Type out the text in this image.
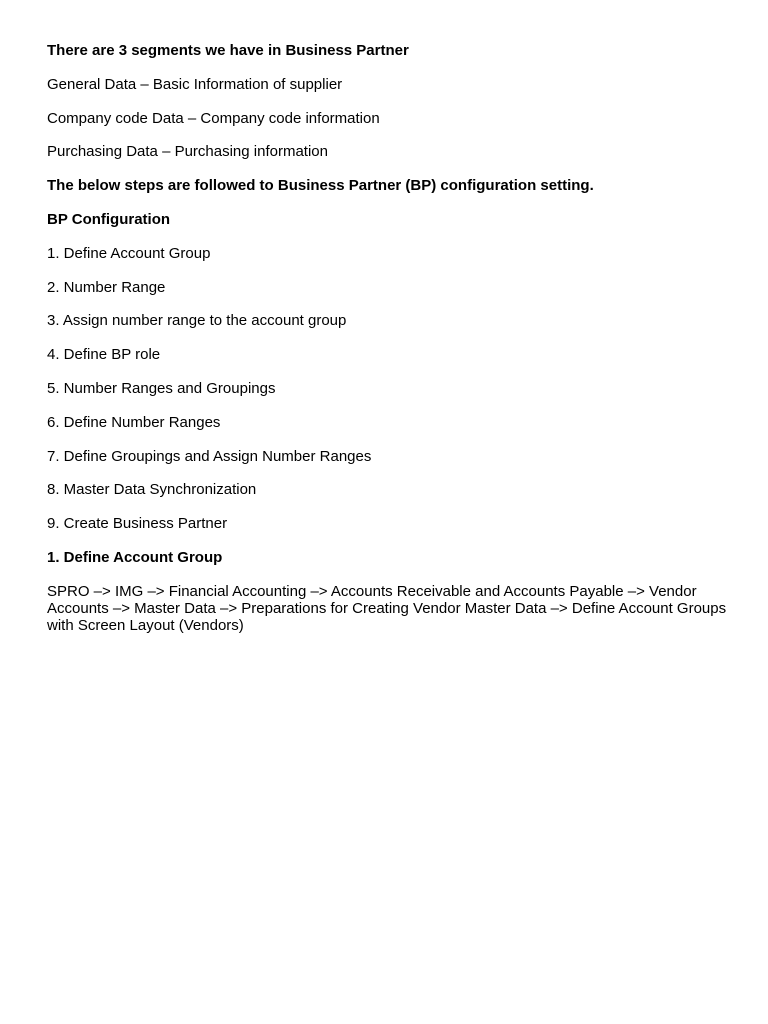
There are 3 segments we have in Business Partner
General Data – Basic Information of supplier
Company code Data – Company code information
Purchasing Data – Purchasing information
The below steps are followed to Business Partner (BP) configuration setting.
BP Configuration
1. Define Account Group
2. Number Range
3. Assign number range to the account group
4. Define BP role
5. Number Ranges and Groupings
6. Define Number Ranges
7. Define Groupings and Assign Number Ranges
8. Master Data Synchronization
9. Create Business Partner
1. Define Account Group
SPRO –> IMG –> Financial Accounting –> Accounts Receivable and Accounts Payable –> Vendor Accounts –> Master Data –> Preparations for Creating Vendor Master Data –> Define Account Groups with Screen Layout (Vendors)
